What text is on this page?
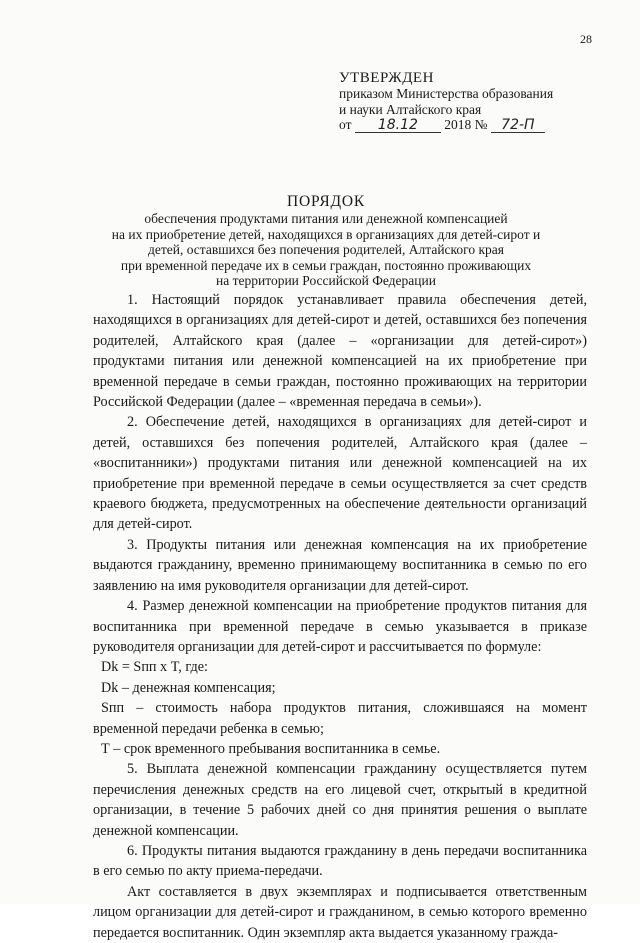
28
УТВЕРЖДЕН
приказом Министерства образования
и науки Алтайского края
от 18.12 2018 № 72-П
ПОРЯДОК
обеспечения продуктами питания или денежной компенсацией
на их приобретение детей, находящихся в организациях для детей-сирот и
детей, оставшихся без попечения родителей, Алтайского края
при временной передаче их в семьи граждан, постоянно проживающих
на территории Российской Федерации

1. Настоящий порядок устанавливает правила обеспечения детей, находящихся в организациях для детей-сирот и детей, оставшихся без попечения родителей, Алтайского края (далее – «организации для детей-сирот») продуктами питания или денежной компенсацией на их приобретение при временной передаче в семьи граждан, постоянно проживающих на территории Российской Федерации (далее – «временная передача в семьи»).

2. Обеспечение детей, находящихся в организациях для детей-сирот и детей, оставшихся без попечения родителей, Алтайского края (далее – «воспитанники») продуктами питания или денежной компенсацией на их приобретение при временной передаче в семьи осуществляется за счет средств краевого бюджета, предусмотренных на обеспечение деятельности организаций для детей-сирот.

3. Продукты питания или денежная компенсация на их приобретение выдаются гражданину, временно принимающему воспитанника в семью по его заявлению на имя руководителя организации для детей-сирот.

4. Размер денежной компенсации на приобретение продуктов питания для воспитанника при временной передаче в семью указывается в приказе руководителя организации для детей-сирот и рассчитывается по формуле:

Dk = Sпп х T, где:

Dk – денежная компенсация;

Sпп – стоимость набора продуктов питания, сложившаяся на момент временной передачи ребенка в семью;

Т – срок временного пребывания воспитанника в семье.

5. Выплата денежной компенсации гражданину осуществляется путем перечисления денежных средств на его лицевой счет, открытый в кредитной организации, в течение 5 рабочих дней со дня принятия решения о выплате денежной компенсации.

6. Продукты питания выдаются гражданину в день передачи воспитанника в его семью по акту приема-передачи.

Акт составляется в двух экземплярах и подписывается ответственным лицом организации для детей-сирот и гражданином, в семью которого временно передается воспитанник. Один экземпляр акта выдается указанному гражда-
